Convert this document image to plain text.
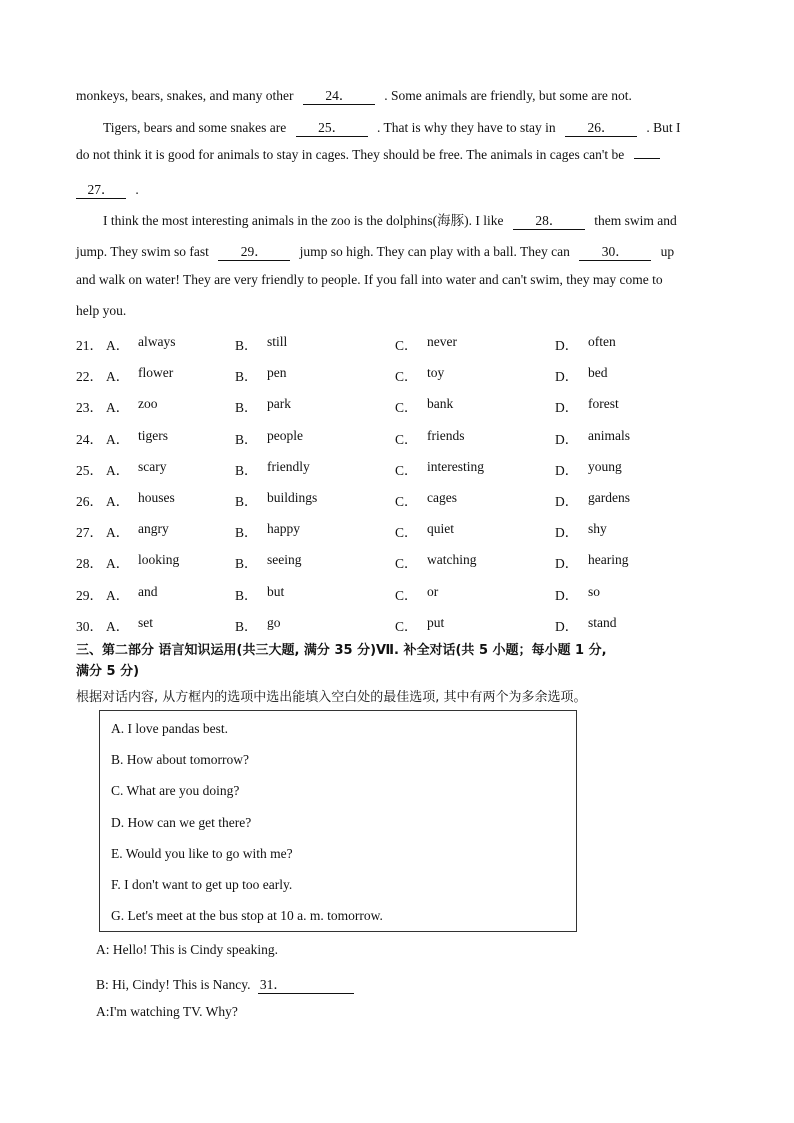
monkeys, bears, snakes, and many other 24． . Some animals are friendly, but some are not.
Tigers, bears and some snakes are 25． . That is why they have to stay in 26． . But I
do not think it is good for animals to stay in cages. They should be free. The animals in cages can't be
27． .
I think the most interesting animals in the zoo is the dolphins(海豚). I like 28． them swim and
jump. They swim so fast 29． jump so high. They can play with a ball. They can 30． up
and walk on water! They are very friendly to people. If you fall into water and can't swim, they may come to
help you.
21． A． always	B． still	C． never	D． often
22． A． flower	B． pen	C． toy	D． bed
23． A． zoo	B． park	C． bank	D． forest
24． A． tigers	B． people	C． friends	D． animals
25． A． scary	B． friendly	C． interesting	D． young
26． A． houses	B． buildings	C． cages	D． gardens
27． A． angry	B． happy	C． quiet	D． shy
28． A． looking	B． seeing	C． watching	D． hearing
29． A． and	B． but	C． or	D． so
30． A． set	B． go	C． put	D． stand
三、第二部分 语言知识运用(共三大题, 满分 35 分)Ⅶ. 补全对话(共 5 小题；每小题 1 分,
满分 5 分)
根据对话内容, 从方框内的选项中选出能填入空白处的最佳选项, 其中有两个为多余选项。
A. I love pandas best.
B. How about tomorrow?
C. What are you doing?
D. How can we get there?
E. Would you like to go with me?
F. I don't want to get up too early.
G. Let's meet at the bus stop at 10 a. m. tomorrow.
A: Hello! This is Cindy speaking.
B: Hi, Cindy! This is Nancy. 31．
A:I'm watching TV. Why?
